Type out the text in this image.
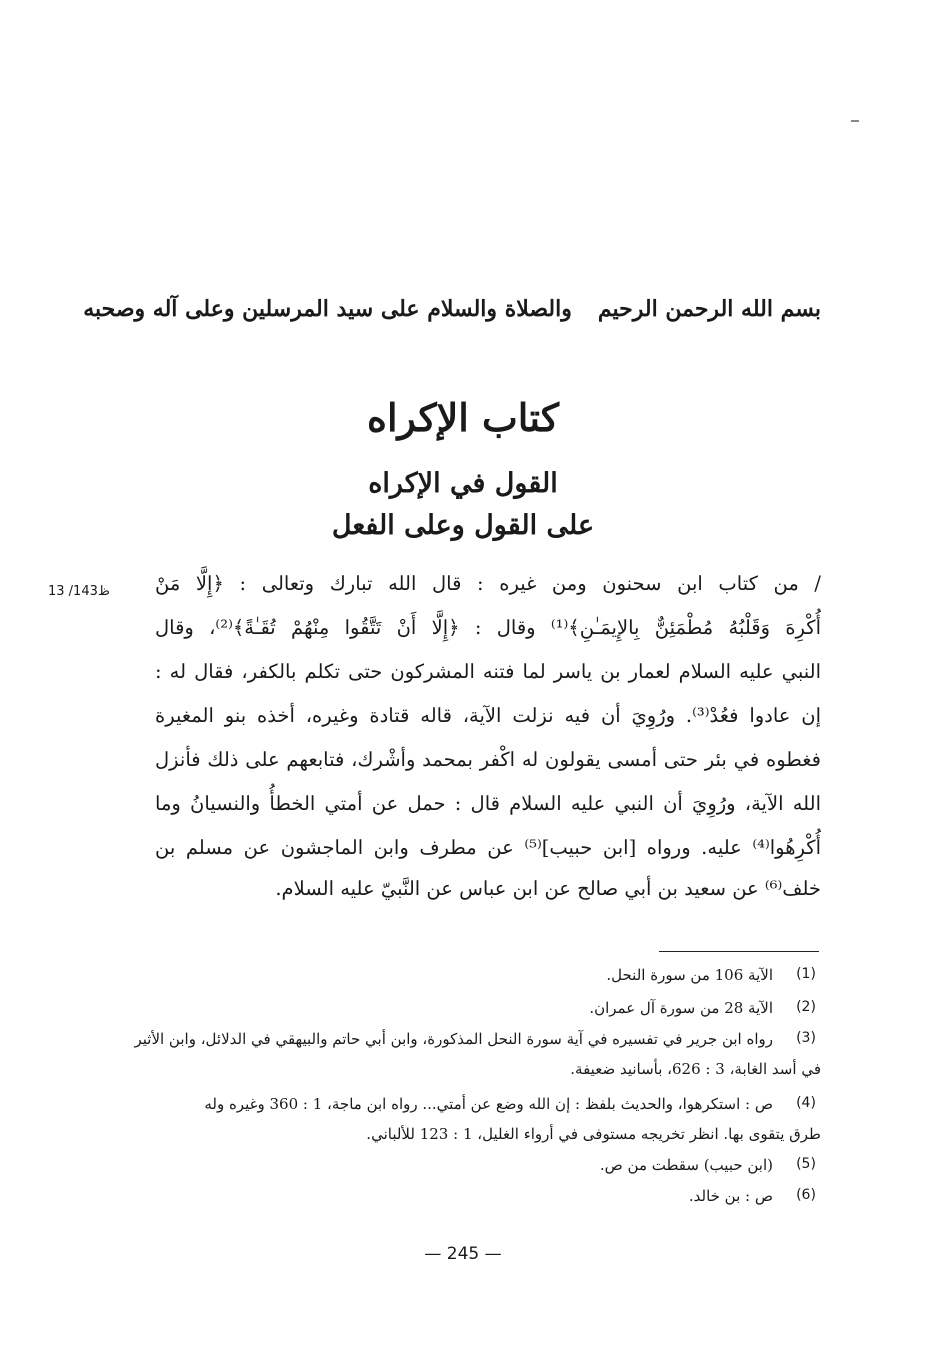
بسم الله الرحمن الرحيموالصلاة والسلام على سيد المرسلين وعلى آله وصحبه
كتاب الإكراه
القول في الإكراه
على القول وعلى الفعل
13 /143ظ / من كتاب ابن سحنون ومن غيره : قال الله تبارك وتعالى : ﴿إِلَّا مَنْ
أُكْرِهَ وَقَلْبُهُ مُطْمَئِنٌّ بِالإِيمَـٰنِ﴾⁽¹⁾ وقال : ﴿إِلَّا أَنْ تَتَّقُوا مِنْهُمْ تُقَـٰةً﴾⁽²⁾، وقال
النبي عليه السلام لعمار بن ياسر لما فتنه المشركون حتى تكلم بالكفر، فقال له :
إن عادوا فعُدْ⁽³⁾. ورُوِيَ أن فيه نزلت الآية، قاله قتادة وغيره، أخذه بنو المغيرة
فغطوه في بئر حتى أمسى يقولون له اكْفر بمحمد وأشْرك، فتابعهم على ذلك فأنزل
الله الآية، ورُوِيَ أن النبي عليه السلام قال : حمل عن أمتي الخطأُ والنسيانُ وما
أُكْرِهُوا⁽⁴⁾ عليه. ورواه [ابن حبيب]⁽⁵⁾ عن مطرف وابن الماجشون عن مسلم بن
خلف⁽⁶⁾ عن سعيد بن أبي صالح عن ابن عباس عن النَّبيّ عليه السلام.
(1)
الآية 106 من سورة النحل.
(2)
الآية 28 من سورة آل عمران.
(3)
رواه ابن جرير في تفسيره في آية سورة النحل المذكورة، وابن أبي حاتم والبيهقي في الدلائل، وابن الأثير
في أسد الغابة، 3 : 626، بأسانيد ضعيفة.
(4)
ص : استكرهوا، والحديث بلفظ : إن الله وضع عن أمتي... رواه ابن ماجة، 1 : 360 وغيره وله
طرق يتقوى بها. انظر تخريجه مستوفى في أرواء الغليل، 1 : 123 للألباني.
(5)
(ابن حبيب) سقطت من ص.
(6)
ص : بن خالد.
— 245 —
